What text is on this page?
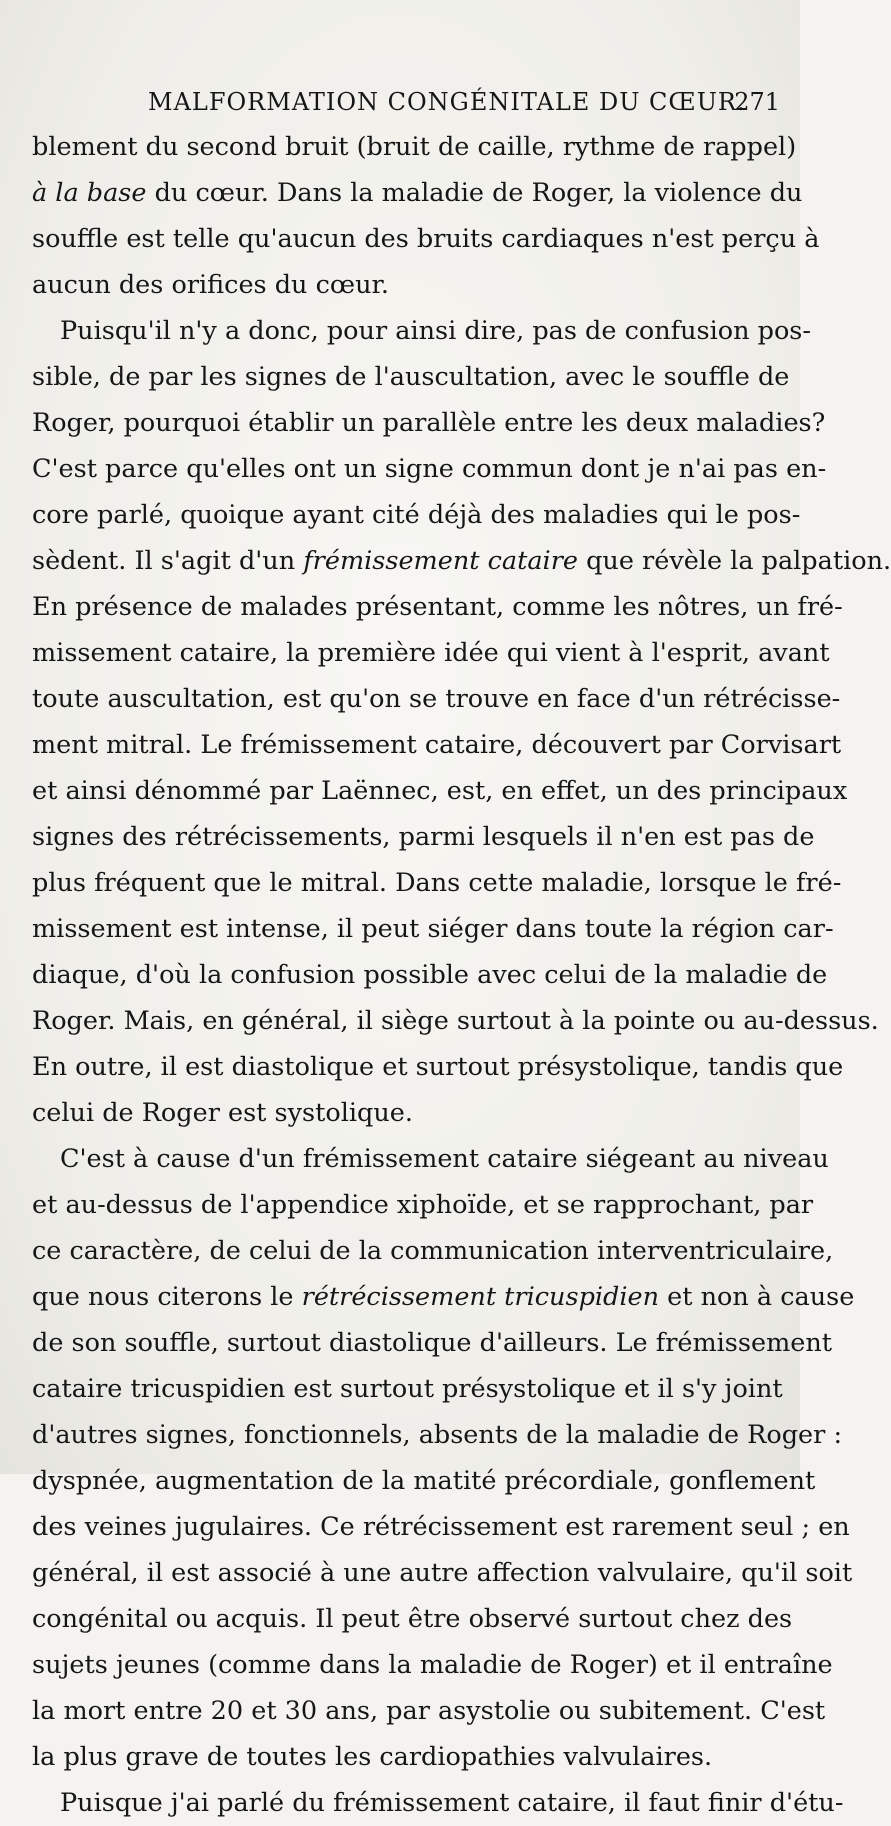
MALFORMATION CONGÉNITALE DU CŒUR.
271
blement du second bruit (bruit de caille, rythme de rappel)
à la base du cœur. Dans la maladie de Roger, la violence du
souffle est telle qu'aucun des bruits cardiaques n'est perçu à
aucun des orifices du cœur.
Puisqu'il n'y a donc, pour ainsi dire, pas de confusion pos-
sible, de par les signes de l'auscultation, avec le souffle de
Roger, pourquoi établir un parallèle entre les deux maladies?
C'est parce qu'elles ont un signe commun dont je n'ai pas en-
core parlé, quoique ayant cité déjà des maladies qui le pos-
sèdent. Il s'agit d'un frémissement cataire que révèle la palpation.
En présence de malades présentant, comme les nôtres, un fré-
missement cataire, la première idée qui vient à l'esprit, avant
toute auscultation, est qu'on se trouve en face d'un rétrécisse-
ment mitral. Le frémissement cataire, découvert par Corvisart
et ainsi dénommé par Laënnec, est, en effet, un des principaux
signes des rétrécissements, parmi lesquels il n'en est pas de
plus fréquent que le mitral. Dans cette maladie, lorsque le fré-
missement est intense, il peut siéger dans toute la région car-
diaque, d'où la confusion possible avec celui de la maladie de
Roger. Mais, en général, il siège surtout à la pointe ou au-dessus.
En outre, il est diastolique et surtout présystolique, tandis que
celui de Roger est systolique.
C'est à cause d'un frémissement cataire siégeant au niveau
et au-dessus de l'appendice xiphoïde, et se rapprochant, par
ce caractère, de celui de la communication interventriculaire,
que nous citerons le rétrécissement tricuspidien et non à cause
de son souffle, surtout diastolique d'ailleurs. Le frémissement
cataire tricuspidien est surtout présystolique et il s'y joint
d'autres signes, fonctionnels, absents de la maladie de Roger :
dyspnée, augmentation de la matité précordiale, gonflement
des veines jugulaires. Ce rétrécissement est rarement seul ; en
général, il est associé à une autre affection valvulaire, qu'il soit
congénital ou acquis. Il peut être observé surtout chez des
sujets jeunes (comme dans la maladie de Roger) et il entraîne
la mort entre 20 et 30 ans, par asystolie ou subitement. C'est
la plus grave de toutes les cardiopathies valvulaires.
Puisque j'ai parlé du frémissement cataire, il faut finir d'étu-
